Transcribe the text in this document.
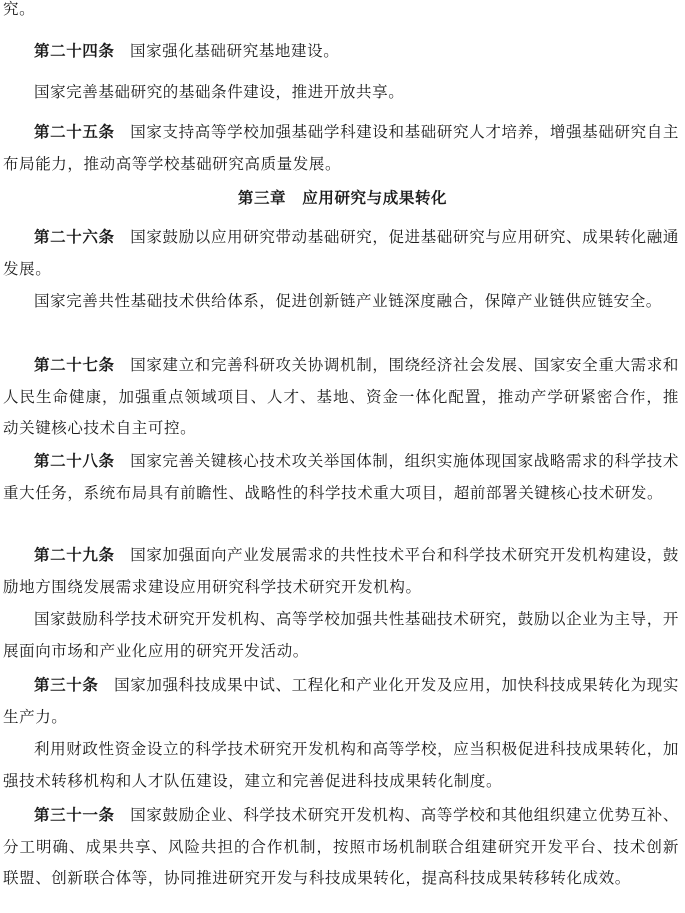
究。
第二十四条 国家强化基础研究基地建设。
国家完善基础研究的基础条件建设，推进开放共享。
第二十五条 国家支持高等学校加强基础学科建设和基础研究人才培养，增强基础研究自主布局能力，推动高等学校基础研究高质量发展。
第三章　应用研究与成果转化
第二十六条 国家鼓励以应用研究带动基础研究，促进基础研究与应用研究、成果转化融通发展。
国家完善共性基础技术供给体系，促进创新链产业链深度融合，保障产业链供应链安全。
第二十七条 国家建立和完善科研攻关协调机制，围绕经济社会发展、国家安全重大需求和人民生命健康，加强重点领域项目、人才、基地、资金一体化配置，推动产学研紧密合作，推动关键核心技术自主可控。
第二十八条 国家完善关键核心技术攻关举国体制，组织实施体现国家战略需求的科学技术重大任务，系统布局具有前瞻性、战略性的科学技术重大项目，超前部署关键核心技术研发。
第二十九条 国家加强面向产业发展需求的共性技术平台和科学技术研究开发机构建设，鼓励地方围绕发展需求建设应用研究科学技术研究开发机构。
国家鼓励科学技术研究开发机构、高等学校加强共性基础技术研究，鼓励以企业为主导，开展面向市场和产业化应用的研究开发活动。
第三十条 国家加强科技成果中试、工程化和产业化开发及应用，加快科技成果转化为现实生产力。
利用财政性资金设立的科学技术研究开发机构和高等学校，应当积极促进科技成果转化，加强技术转移机构和人才队伍建设，建立和完善促进科技成果转化制度。
第三十一条 国家鼓励企业、科学技术研究开发机构、高等学校和其他组织建立优势互补、分工明确、成果共享、风险共担的合作机制，按照市场机制联合组建研究开发平台、技术创新联盟、创新联合体等，协同推进研究开发与科技成果转化，提高科技成果转移转化成效。
